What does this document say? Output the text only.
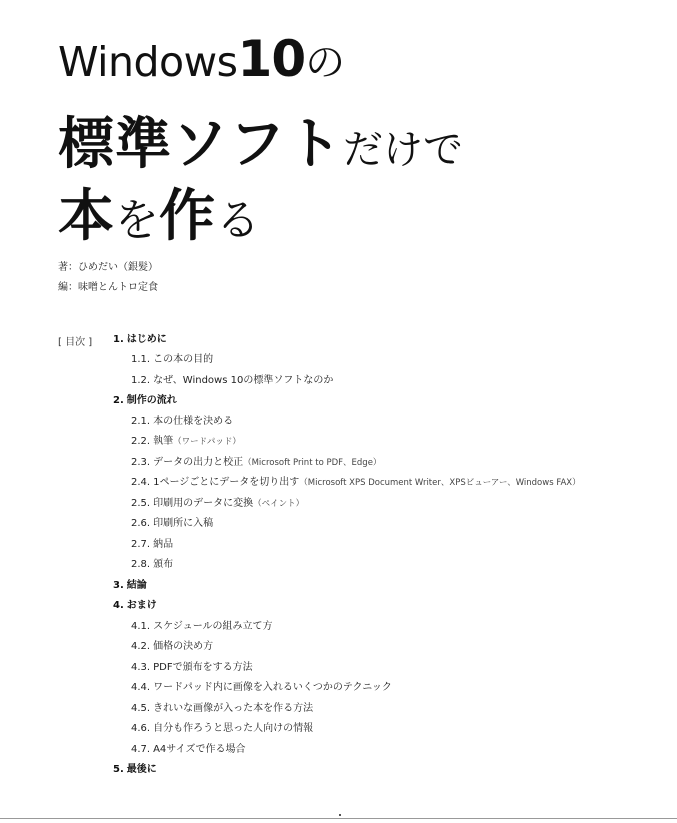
Windows10の
標準ソフトだけで
本を作る
著：ひめだい（銀髪）
編：味噌とんトロ定食
[ 目次 ] 1. はじめに
1.1. この本の目的
1.2. なぜ、Windows 10の標準ソフトなのか
2. 制作の流れ
2.1. 本の仕様を決める
2.2. 執筆（ワードパッド）
2.3. データの出力と校正（Microsoft Print to PDF、Edge）
2.4. 1ページごとにデータを切り出す（Microsoft XPS Document Writer、XPSビューアー、Windows FAX）
2.5. 印刷用のデータに変換（ペイント）
2.6. 印刷所に入稿
2.7. 納品
2.8. 頒布
3. 結論
4. おまけ
4.1. スケジュールの組み立て方
4.2. 価格の決め方
4.3. PDFで頒布をする方法
4.4. ワードパッド内に画像を入れるいくつかのテクニック
4.5. きれいな画像が入った本を作る方法
4.6. 自分も作ろうと思った人向けの情報
4.7. A4サイズで作る場合
5. 最後に
